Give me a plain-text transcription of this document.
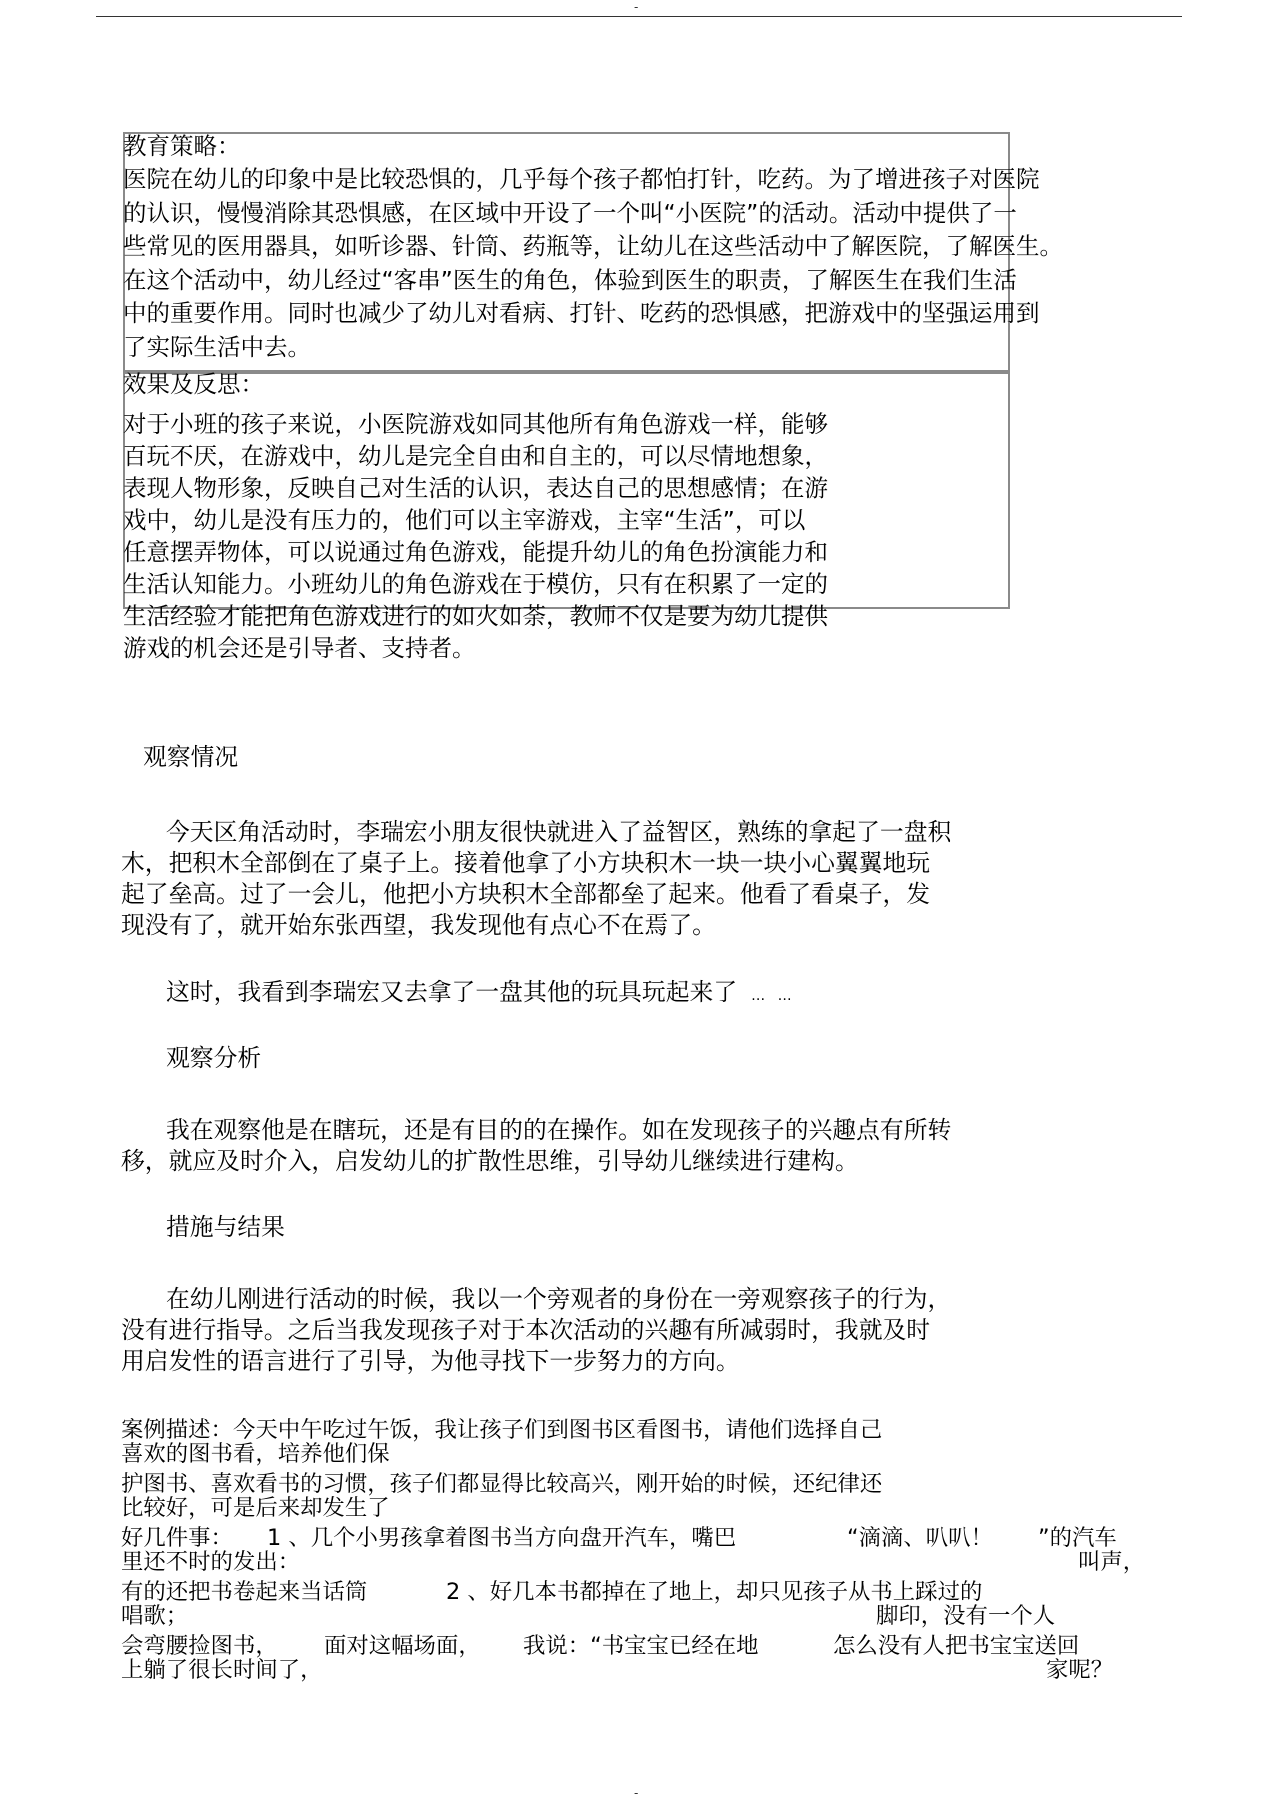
-
教育策略：
医院在幼儿的印象中是比较恐惧的，几乎每个孩子都怕打针，吃药。为了增进孩子对医院
的认识，慢慢消除其恐惧感，在区域中开设了一个叫“小医院”的活动。活动中提供了一
些常见的医用器具，如听诊器、针筒、药瓶等，让幼儿在这些活动中了解医院，了解医生。
在这个活动中，幼儿经过“客串”医生的角色，体验到医生的职责，了解医生在我们生活
中的重要作用。同时也减少了幼儿对看病、打针、吃药的恐惧感，把游戏中的坚强运用到
了实际生活中去。
效果及反思：
对于小班的孩子来说，小医院游戏如同其他所有角色游戏一样，能够
百玩不厌，在游戏中，幼儿是完全自由和自主的，可以尽情地想象，
表现人物形象，反映自己对生活的认识，表达自己的思想感情；在游
戏中，幼儿是没有压力的，他们可以主宰游戏，主宰“生活”，可以
任意摆弄物体，可以说通过角色游戏，能提升幼儿的角色扮演能力和
生活认知能力。小班幼儿的角色游戏在于模仿，只有在积累了一定的
生活经验才能把角色游戏进行的如火如荼，教师不仅是要为幼儿提供
游戏的机会还是引导者、支持者。
观察情况
今天区角活动时，李瑞宏小朋友很快就进入了益智区，熟练的拿起了一盘积
木，把积木全部倒在了桌子上。接着他拿了小方块积木一块一块小心翼翼地玩
起了垒高。过了一会儿，他把小方块积木全部都垒了起来。他看了看桌子，发
现没有了，就开始东张西望，我发现他有点心不在焉了。
这时，我看到李瑞宏又去拿了一盘其他的玩具玩起来了 … …
观察分析
我在观察他是在瞎玩，还是有目的的在操作。如在发现孩子的兴趣点有所转
移，就应及时介入，启发幼儿的扩散性思维，引导幼儿继续进行建构。
措施与结果
在幼儿刚进行活动的时候，我以一个旁观者的身份在一旁观察孩子的行为，
没有进行指导。之后当我发现孩子对于本次活动的兴趣有所减弱时，我就及时
用启发性的语言进行了引导，为他寻找下一步努力的方向。
案例描述：今天中午吃过午饭，我让孩子们到图书区看图书，请他们选择自己
喜欢的图书看，培养他们保
护图书、喜欢看书的习惯，孩子们都显得比较高兴，刚开始的时候，还纪律还
比较好，可是后来却发生了
好几件事： 1 、几个小男孩拿着图书当方向盘开汽车，嘴巴	“滴滴、叭叭！ ”的汽车
里还不时的发出：	叫声，
有的还把书卷起来当话筒	2 、好几本书都掉在了地上，却只见孩子从书上踩过的
唱歌；	脚印，没有一个人
会弯腰捡图书， 面对这幅场面， 我说：“书宝宝已经在地	怎么没有人把书宝宝送回
上躺了很长时间了，	家呢？
-
